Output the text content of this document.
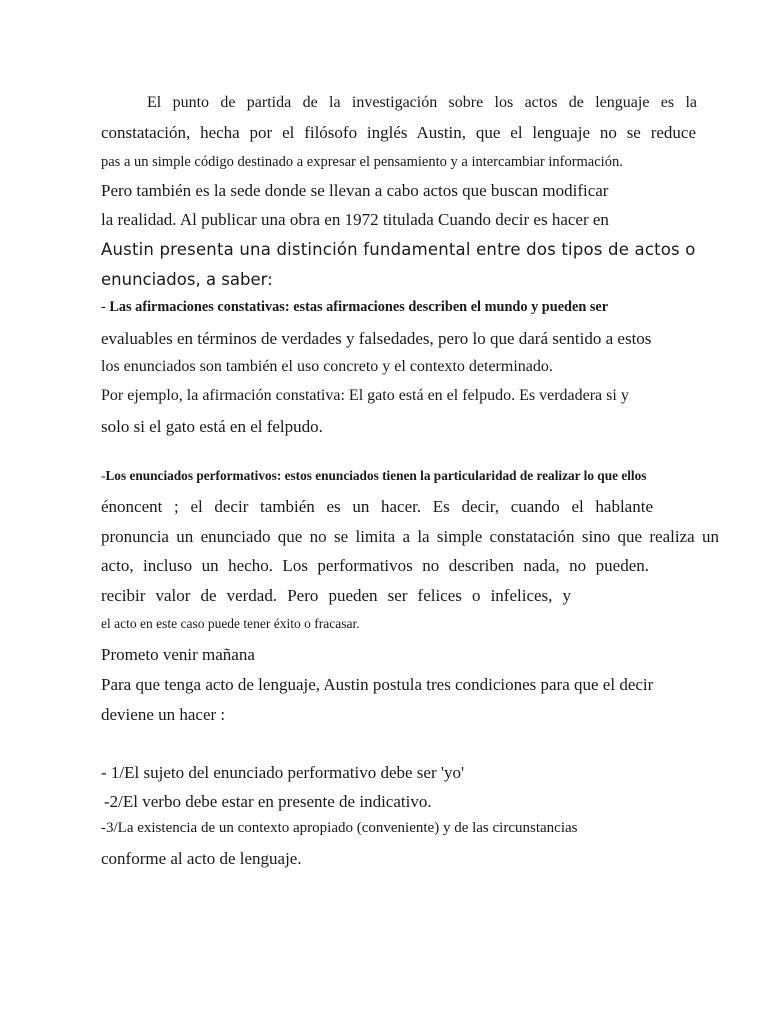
El punto de partida de la investigación sobre los actos de lenguaje es la
constatación, hecha por el filósofo inglés Austin, que el lenguaje no se reduce
pas a un simple código destinado a expresar el pensamiento y a intercambiar información.
Pero también es la sede donde se llevan a cabo actos que buscan modificar
la realidad. Al publicar una obra en 1972 titulada Cuando decir es hacer en
Austin presenta una distinción fundamental entre dos tipos de actos o
enunciados, a saber:
- Las afirmaciones constativas: estas afirmaciones describen el mundo y pueden ser
evaluables en términos de verdades y falsedades, pero lo que dará sentido a estos
los enunciados son también el uso concreto y el contexto determinado.
Por ejemplo, la afirmación constativa: El gato está en el felpudo. Es verdadera si y
solo si el gato está en el felpudo.
-Los enunciados performativos: estos enunciados tienen la particularidad de realizar lo que ellos
énoncent ; el decir también es un hacer. Es decir, cuando el hablante
pronuncia un enunciado que no se limita a la simple constatación sino que realiza un
acto, incluso un hecho. Los performativos no describen nada, no pueden.
recibir valor de verdad. Pero pueden ser felices o infelices, y
el acto en este caso puede tener éxito o fracasar.
Prometo venir mañana
Para que tenga acto de lenguaje, Austin postula tres condiciones para que el decir
deviene un hacer :
- 1/El sujeto del enunciado performativo debe ser 'yo'
-2/El verbo debe estar en presente de indicativo.
-3/La existencia de un contexto apropiado (conveniente) y de las circunstancias
conforme al acto de lenguaje.
